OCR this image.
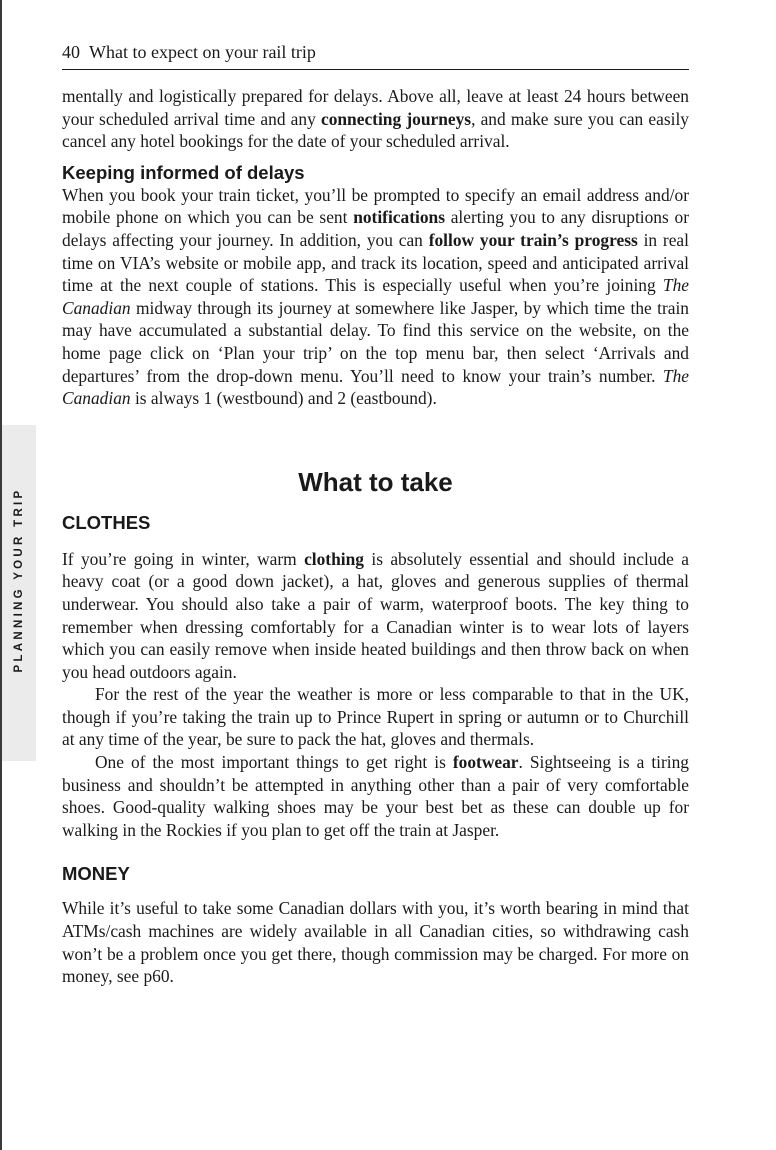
PLANNING YOUR TRIP
40 What to expect on your rail trip

mentally and logistically prepared for delays. Above all, leave at least 24 hours between your scheduled arrival time and any connecting journeys, and make sure you can easily cancel any hotel bookings for the date of your scheduled arrival.

Keeping informed of delays

When you book your train ticket, you’ll be prompted to specify an email address and/or mobile phone on which you can be sent notifications alerting you to any disruptions or delays affecting your journey. In addition, you can follow your train’s progress in real time on VIA’s website or mobile app, and track its location, speed and anticipated arrival time at the next couple of stations. This is especially useful when you’re joining The Canadian midway through its journey at somewhere like Jasper, by which time the train may have accumulated a substantial delay. To find this service on the website, on the home page click on ‘Plan your trip’ on the top menu bar, then select ‘Arrivals and departures’ from the drop-down menu. You’ll need to know your train’s number. The Canadian is always 1 (westbound) and 2 (eastbound).

What to take
CLOTHES

If you’re going in winter, warm clothing is absolutely essential and should include a heavy coat (or a good down jacket), a hat, gloves and generous supplies of thermal underwear. You should also take a pair of warm, waterproof boots. The key thing to remember when dressing comfortably for a Canadian winter is to wear lots of layers which you can easily remove when inside heated buildings and then throw back on when you head outdoors again.

For the rest of the year the weather is more or less comparable to that in the UK, though if you’re taking the train up to Prince Rupert in spring or autumn or to Churchill at any time of the year, be sure to pack the hat, gloves and thermals.

One of the most important things to get right is footwear. Sightseeing is a tiring business and shouldn’t be attempted in anything other than a pair of very comfortable shoes. Good-quality walking shoes may be your best bet as these can double up for walking in the Rockies if you plan to get off the train at Jasper.

MONEY

While it’s useful to take some Canadian dollars with you, it’s worth bearing in mind that ATMs/cash machines are widely available in all Canadian cities, so withdrawing cash won’t be a problem once you get there, though commission may be charged. For more on money, see p60.
